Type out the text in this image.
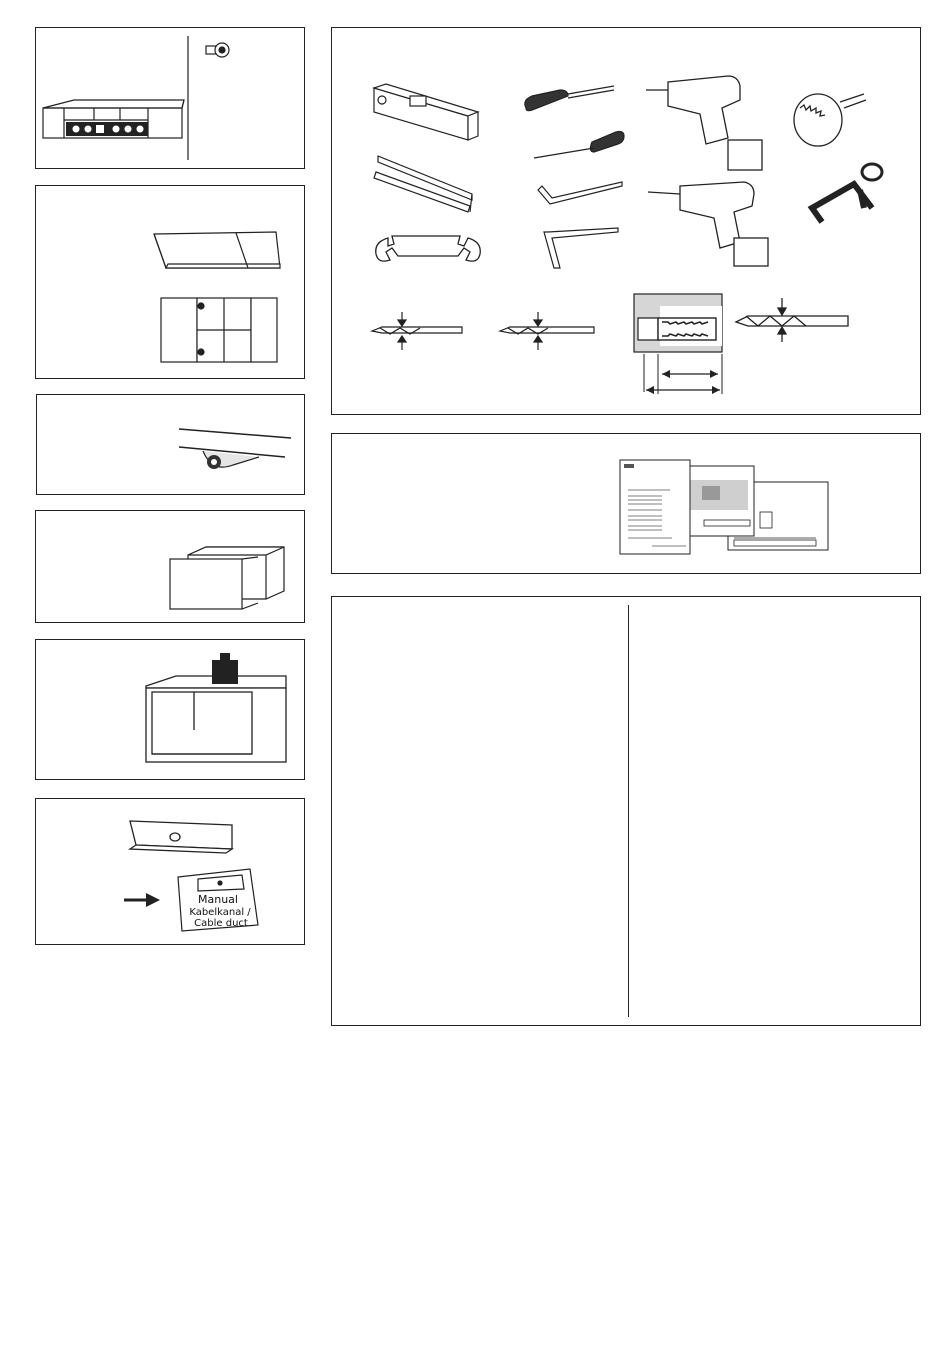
Manual
Kabelkanal /
Cable duct
